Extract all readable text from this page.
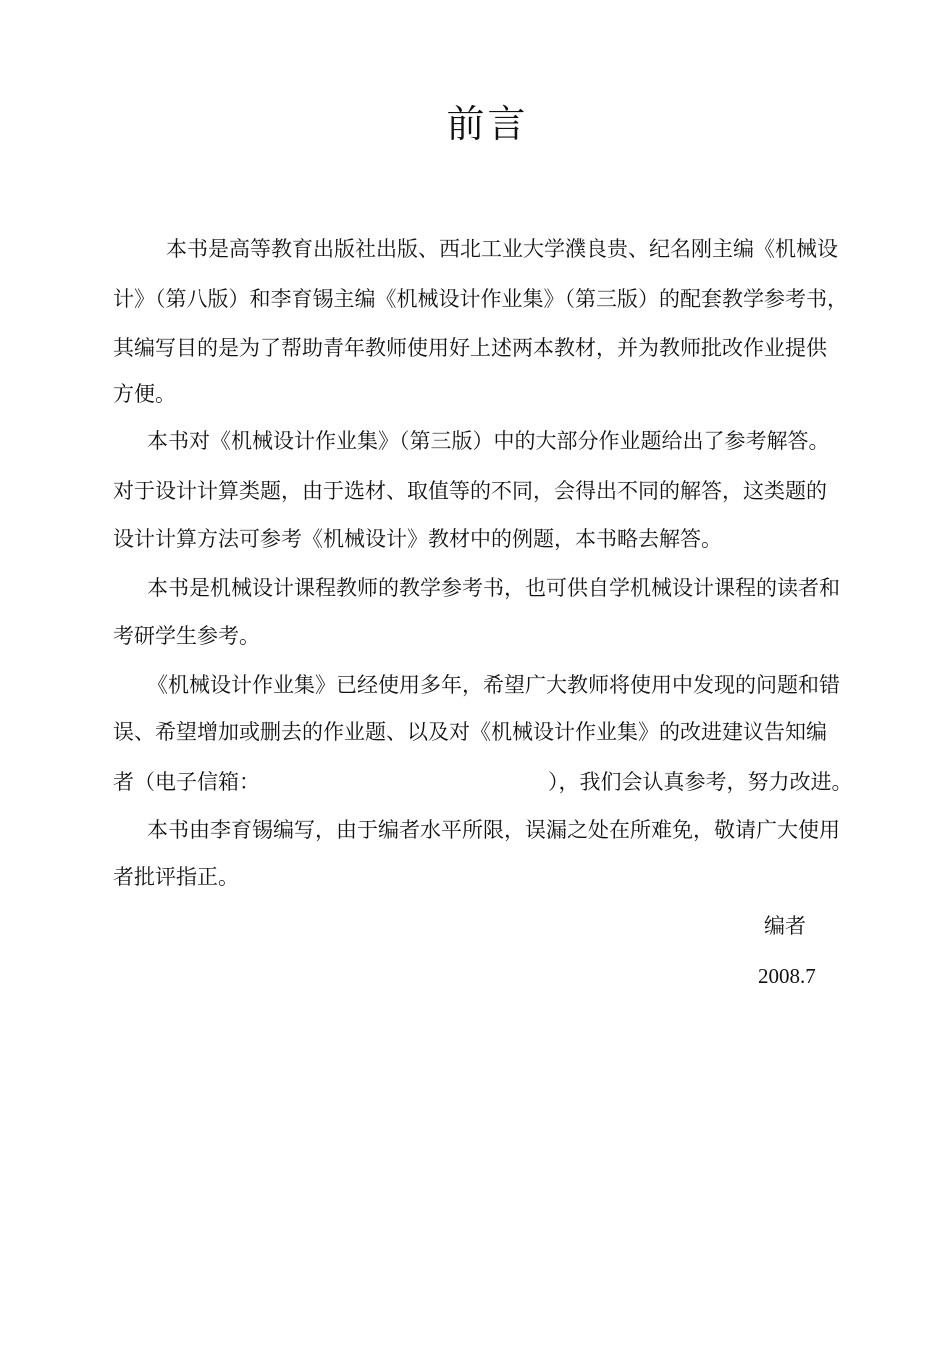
前言
本书是高等教育出版社出版、西北工业大学濮良贵、纪名刚主编《机械设
计》（第八版）和李育锡主编《机械设计作业集》（第三版）的配套教学参考书，
其编写目的是为了帮助青年教师使用好上述两本教材，并为教师批改作业提供
方便。
本书对《机械设计作业集》（第三版）中的大部分作业题给出了参考解答。
对于设计计算类题，由于选材、取值等的不同，会得出不同的解答，这类题的
设计计算方法可参考《机械设计》教材中的例题，本书略去解答。
本书是机械设计课程教师的教学参考书，也可供自学机械设计课程的读者和
考研学生参考。
《机械设计作业集》已经使用多年，希望广大教师将使用中发现的问题和错
误、希望增加或删去的作业题、以及对《机械设计作业集》的改进建议告知编
者（电子信箱：	），我们会认真参考，努力改进。
本书由李育锡编写，由于编者水平所限，误漏之处在所难免，敬请广大使用
者批评指正。
编者
2008.7
